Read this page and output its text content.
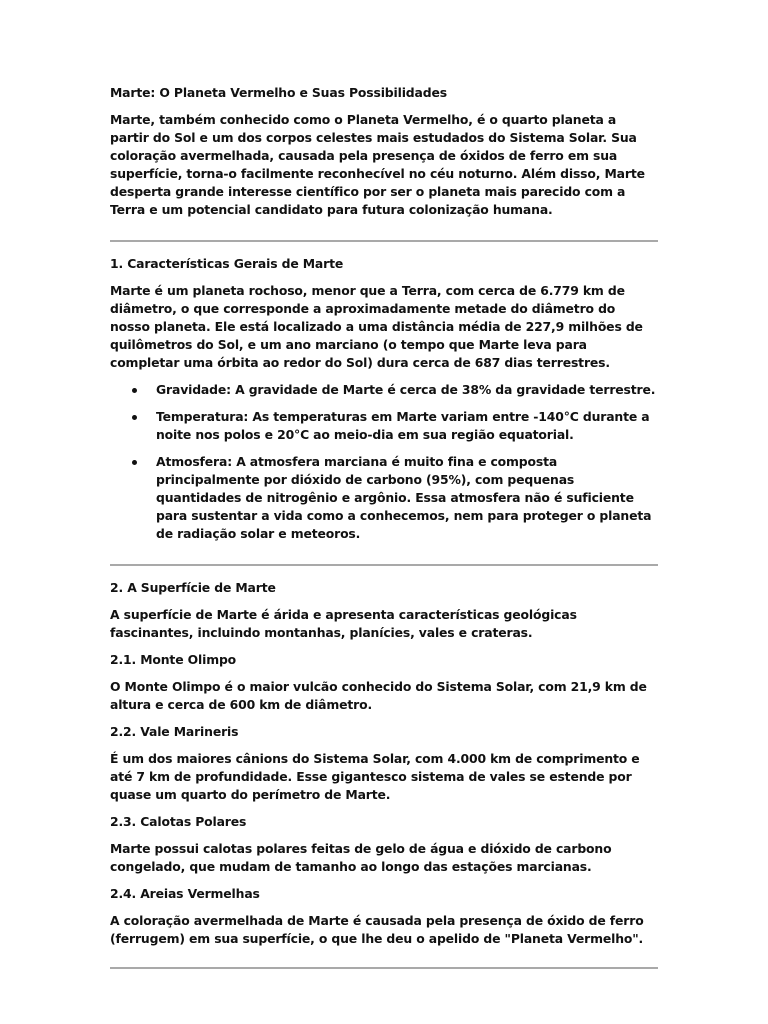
Marte: O Planeta Vermelho e Suas Possibilidades

Marte, também conhecido como o Planeta Vermelho, é o quarto planeta a partir do Sol e um dos corpos celestes mais estudados do Sistema Solar. Sua coloração avermelhada, causada pela presença de óxidos de ferro em sua superfície, torna-o facilmente reconhecível no céu noturno. Além disso, Marte desperta grande interesse científico por ser o planeta mais parecido com a Terra e um potencial candidato para futura colonização humana.

1. Características Gerais de Marte

Marte é um planeta rochoso, menor que a Terra, com cerca de 6.779 km de diâmetro, o que corresponde a aproximadamente metade do diâmetro do nosso planeta. Ele está localizado a uma distância média de 227,9 milhões de quilômetros do Sol, e um ano marciano (o tempo que Marte leva para completar uma órbita ao redor do Sol) dura cerca de 687 dias terrestres.

Gravidade: A gravidade de Marte é cerca de 38% da gravidade terrestre.
Temperatura: As temperaturas em Marte variam entre -140°C durante a noite nos polos e 20°C ao meio-dia em sua região equatorial.
Atmosfera: A atmosfera marciana é muito fina e composta principalmente por dióxido de carbono (95%), com pequenas quantidades de nitrogênio e argônio. Essa atmosfera não é suficiente para sustentar a vida como a conhecemos, nem para proteger o planeta de radiação solar e meteoros.

2. A Superfície de Marte

A superfície de Marte é árida e apresenta características geológicas fascinantes, incluindo montanhas, planícies, vales e crateras.

2.1. Monte Olimpo

O Monte Olimpo é o maior vulcão conhecido do Sistema Solar, com 21,9 km de altura e cerca de 600 km de diâmetro.

2.2. Vale Marineris

É um dos maiores cânions do Sistema Solar, com 4.000 km de comprimento e até 7 km de profundidade. Esse gigantesco sistema de vales se estende por quase um quarto do perímetro de Marte.

2.3. Calotas Polares

Marte possui calotas polares feitas de gelo de água e dióxido de carbono congelado, que mudam de tamanho ao longo das estações marcianas.

2.4. Areias Vermelhas

A coloração avermelhada de Marte é causada pela presença de óxido de ferro (ferrugem) em sua superfície, o que lhe deu o apelido de "Planeta Vermelho".
